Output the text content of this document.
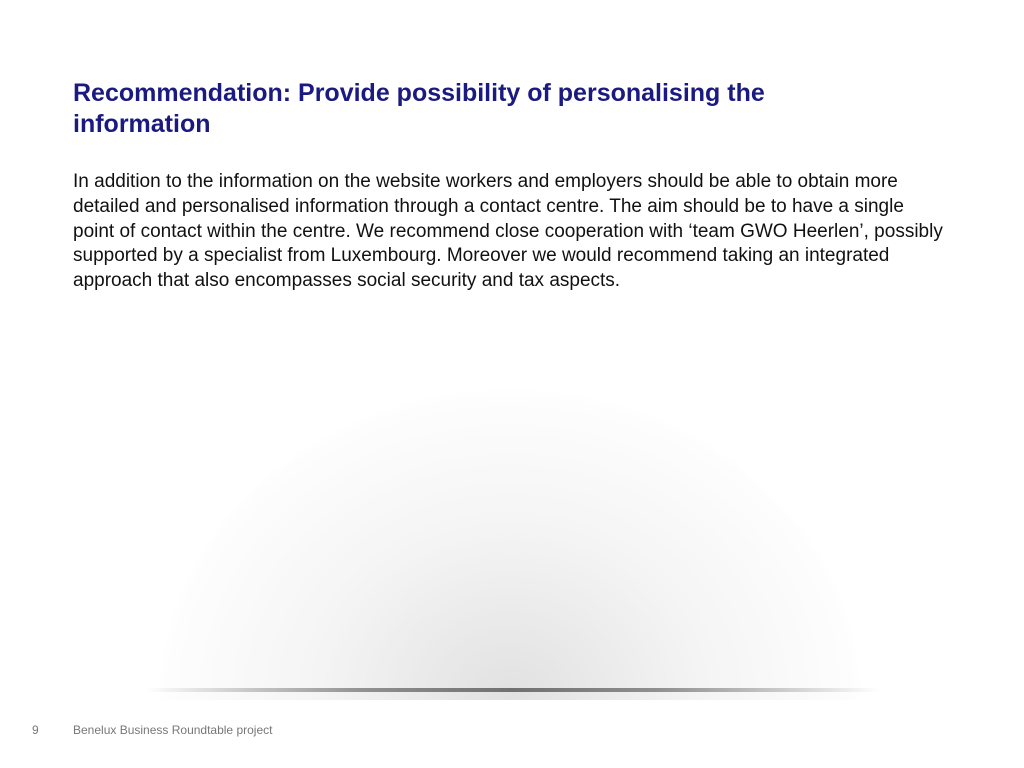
Recommendation: Provide possibility of personalising the information

In addition to the information on the website workers and employers should be able to obtain more detailed and personalised information through a contact centre. The aim should be to have a single point of contact within the centre. We recommend close cooperation with ‘team GWO Heerlen’, possibly supported by a specialist from Luxembourg. Moreover we would recommend taking an integrated approach that also encompasses social security and tax aspects.

9	Benelux Business Roundtable project
